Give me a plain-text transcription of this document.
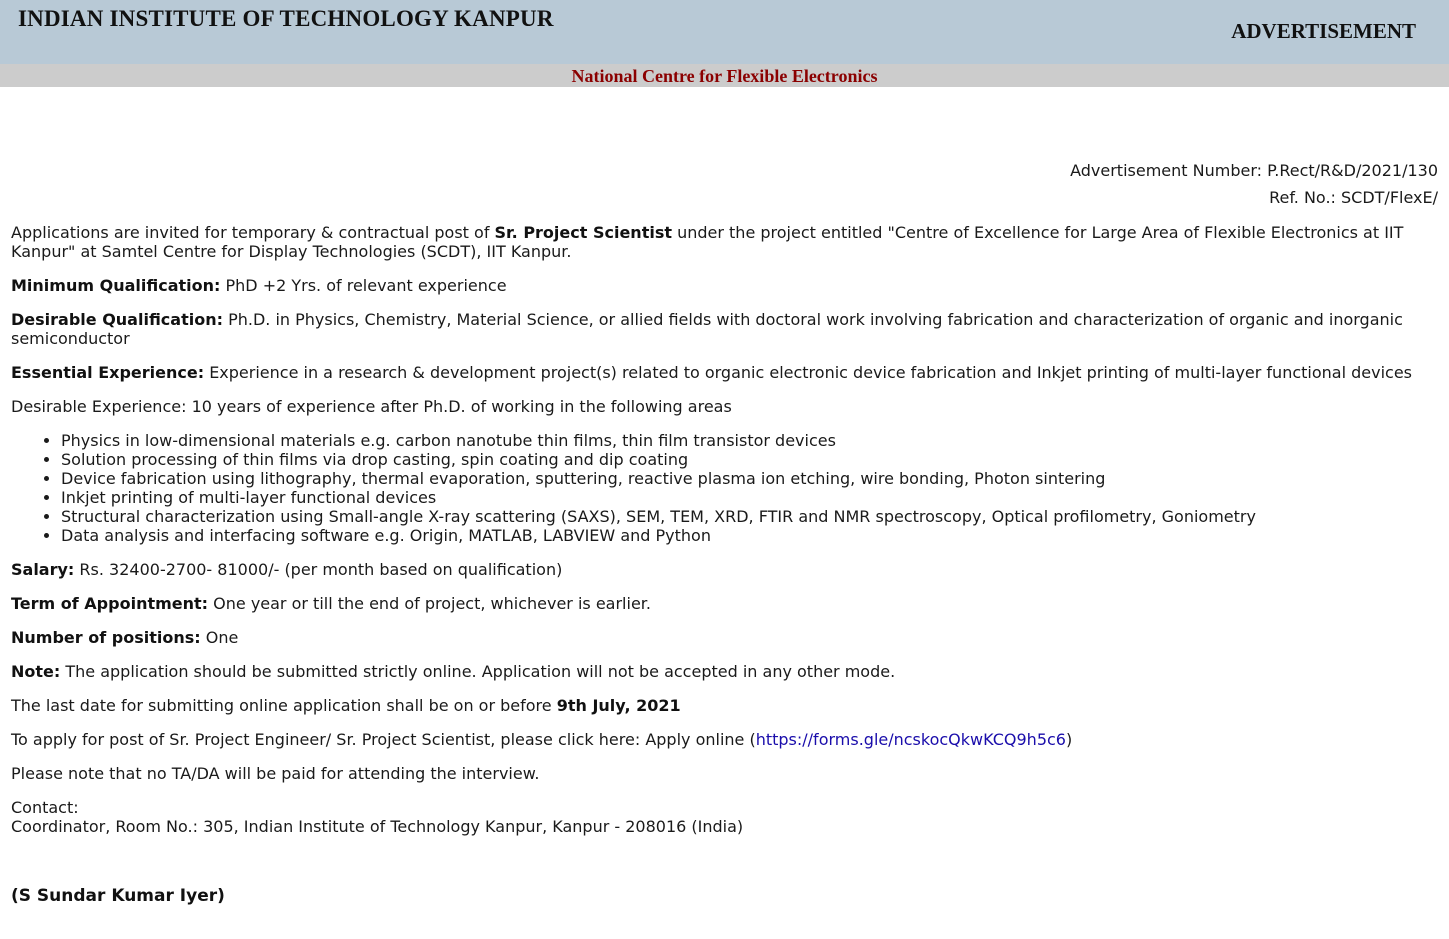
INDIAN INSTITUTE OF TECHNOLOGY KANPUR	ADVERTISEMENT
National Centre for Flexible Electronics

Advertisement Number: P.Rect/R&D/2021/130

Ref. No.: SCDT/FlexE/

Applications are invited for temporary & contractual post of Sr. Project Scientist under the project entitled "Centre of Excellence for Large Area of Flexible Electronics at IIT Kanpur" at Samtel Centre for Display Technologies (SCDT), IIT Kanpur.

Minimum Qualification: PhD +2 Yrs. of relevant experience

Desirable Qualification: Ph.D. in Physics, Chemistry, Material Science, or allied fields with doctoral work involving fabrication and characterization of organic and inorganic semiconductor

Essential Experience: Experience in a research & development project(s) related to organic electronic device fabrication and Inkjet printing of multi-layer functional devices

Desirable Experience: 10 years of experience after Ph.D. of working in the following areas

• Physics in low-dimensional materials e.g. carbon nanotube thin films, thin film transistor devices
• Solution processing of thin films via drop casting, spin coating and dip coating
• Device fabrication using lithography, thermal evaporation, sputtering, reactive plasma ion etching, wire bonding, Photon sintering
• Inkjet printing of multi-layer functional devices
• Structural characterization using Small-angle X-ray scattering (SAXS), SEM, TEM, XRD, FTIR and NMR spectroscopy, Optical profilometry, Goniometry
• Data analysis and interfacing software e.g. Origin, MATLAB, LABVIEW and Python

Salary: Rs. 32400-2700- 81000/- (per month based on qualification)

Term of Appointment: One year or till the end of project, whichever is earlier.

Number of positions: One

Note: The application should be submitted strictly online. Application will not be accepted in any other mode.

The last date for submitting online application shall be on or before 9th July, 2021

To apply for post of Sr. Project Engineer/ Sr. Project Scientist, please click here: Apply online (https://forms.gle/ncskocQkwKCQ9h5c6)

Please note that no TA/DA will be paid for attending the interview.

Contact:
Coordinator, Room No.: 305, Indian Institute of Technology Kanpur, Kanpur - 208016 (India)

(S Sundar Kumar Iyer)
